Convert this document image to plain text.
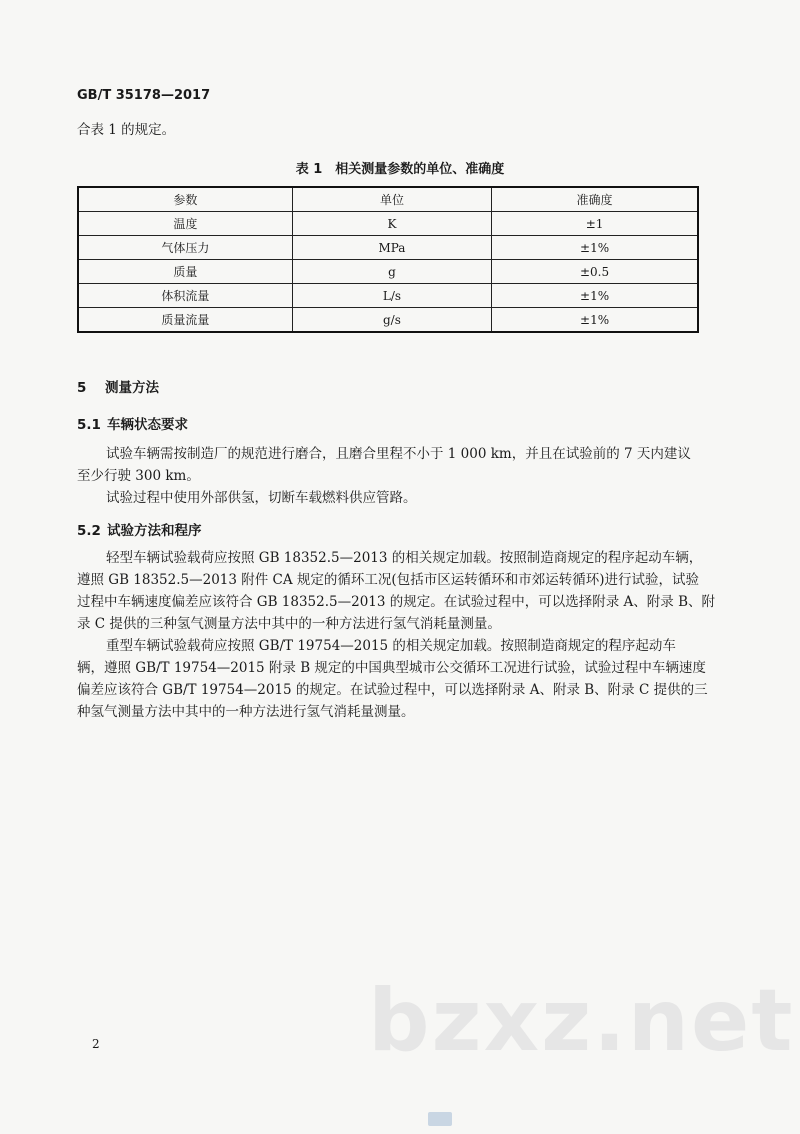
GB/T 35178—2017
合表 1 的规定。
表 1　相关测量参数的单位、准确度
参数	单位	准确度
温度	K	±1
气体压力	MPa	±1%
质量	g	±0.5
体积流量	L/s	±1%
质量流量	g/s	±1%
5 测量方法
5.1 车辆状态要求
试验车辆需按制造厂的规范进行磨合，且磨合里程不小于 1 000 km，并且在试验前的 7 天内建议
至少行驶 300 km。
试验过程中使用外部供氢，切断车载燃料供应管路。
5.2 试验方法和程序
轻型车辆试验载荷应按照 GB 18352.5—2013 的相关规定加载。按照制造商规定的程序起动车辆，
遵照 GB 18352.5—2013 附件 CA 规定的循环工况(包括市区运转循环和市郊运转循环)进行试验，试验
过程中车辆速度偏差应该符合 GB 18352.5—2013 的规定。在试验过程中，可以选择附录 A、附录 B、附
录 C 提供的三种氢气测量方法中其中的一种方法进行氢气消耗量测量。
重型车辆试验载荷应按照 GB/T 19754—2015 的相关规定加载。按照制造商规定的程序起动车
辆，遵照 GB/T 19754—2015 附录 B 规定的中国典型城市公交循环工况进行试验，试验过程中车辆速度
偏差应该符合 GB/T 19754—2015 的规定。在试验过程中，可以选择附录 A、附录 B、附录 C 提供的三
种氢气测量方法中其中的一种方法进行氢气消耗量测量。
bzxz.net
2
